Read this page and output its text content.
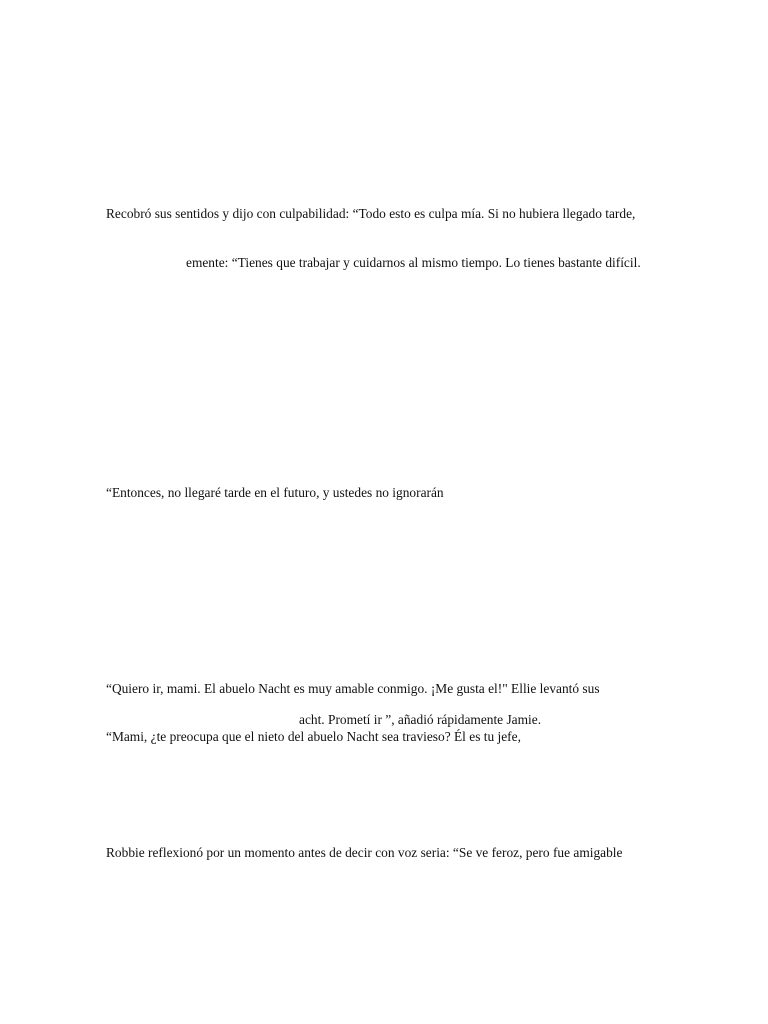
Recobró sus sentidos y dijo con culpabilidad: “Todo esto es culpa mía. Si no hubiera llegado tarde,
emente: “Tienes que trabajar y cuidarnos al mismo tiempo. Lo tienes bastante difícil.
“Entonces, no llegaré tarde en el futuro, y ustedes no ignorarán
“Quiero ir, mami. El abuelo Nacht es muy amable conmigo. ¡Me gusta el!" Ellie levantó sus
acht. Prometí ir ”, añadió rápidamente Jamie.
“Mami, ¿te preocupa que el nieto del abuelo Nacht sea travieso? Él es tu jefe,
Robbie reflexionó por un momento antes de decir con voz seria: “Se ve feroz, pero fue amigable
